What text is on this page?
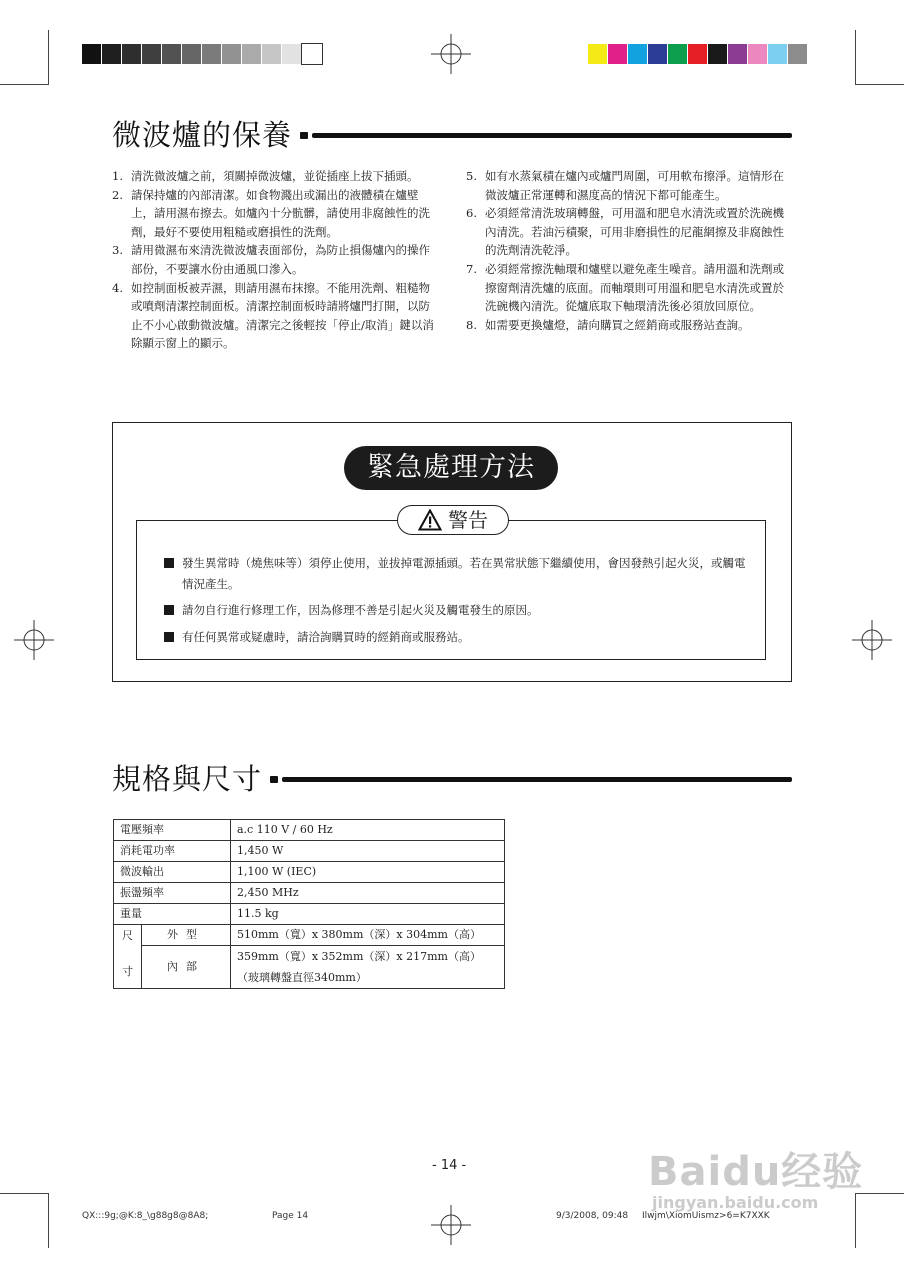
微波爐的保養
1. 清洗微波爐之前，須關掉微波爐，並從插座上拔下插頭。
2. 請保持爐的內部清潔。如食物濺出或漏出的液體積在爐壁上，請用濕布擦去。如爐內十分骯髒，請使用非腐蝕性的洗劑，最好不要使用粗糙或磨損性的洗劑。
3. 請用微濕布來清洗微波爐表面部份，為防止損傷爐內的操作部份，不要讓水份由通風口滲入。
4. 如控制面板被弄濕，則請用濕布抹擦。不能用洗劑、粗糙物或噴劑清潔控制面板。清潔控制面板時請將爐門打開，以防止不小心啟動微波爐。清潔完之後輕按「停止/取消」鍵以消除顯示窗上的顯示。
5. 如有水蒸氣積在爐內或爐門周圍，可用軟布擦淨。這情形在微波爐正常運轉和濕度高的情況下都可能產生。
6. 必須經常清洗玻璃轉盤，可用溫和肥皂水清洗或置於洗碗機內清洗。若油污積聚，可用非磨損性的尼龍網擦及非腐蝕性的洗劑清洗乾淨。
7. 必須經常擦洗軸環和爐壁以避免產生噪音。請用溫和洗劑或擦窗劑清洗爐的底面。而軸環則可用溫和肥皂水清洗或置於洗碗機內清洗。從爐底取下軸環清洗後必須放回原位。
8. 如需要更換爐燈，請向購買之經銷商或服務站查詢。
緊急處理方法
警告
發生異常時（燒焦味等）須停止使用，並拔掉電源插頭。若在異常狀態下繼續使用，會因發熱引起火災，或觸電情況產生。
請勿自行進行修理工作，因為修理不善是引起火災及觸電發生的原因。
有任何異常或疑慮時，請洽詢購買時的經銷商或服務站。
規格與尺寸
電壓頻率		a.c 110 V / 60 Hz
消耗電功率		1,450 W
微波輸出		1,100 W (IEC)
振盪頻率		2,450 MHz
重量		11.5 kg

尺
寸	外型	510mm（寬）x 380mm（深）x 304mm（高）
	內部	359mm（寬）x 352mm（深）x 217mm（高）
（玻璃轉盤直徑340mm）
- 14 -
QX:::9g;@K:8_\g88g8@8A8;	Page 14	9/3/2008, 09:48 Ilwjm\XiomUismz>6=K7XXK
Baidu经验
jingyan.baidu.com
